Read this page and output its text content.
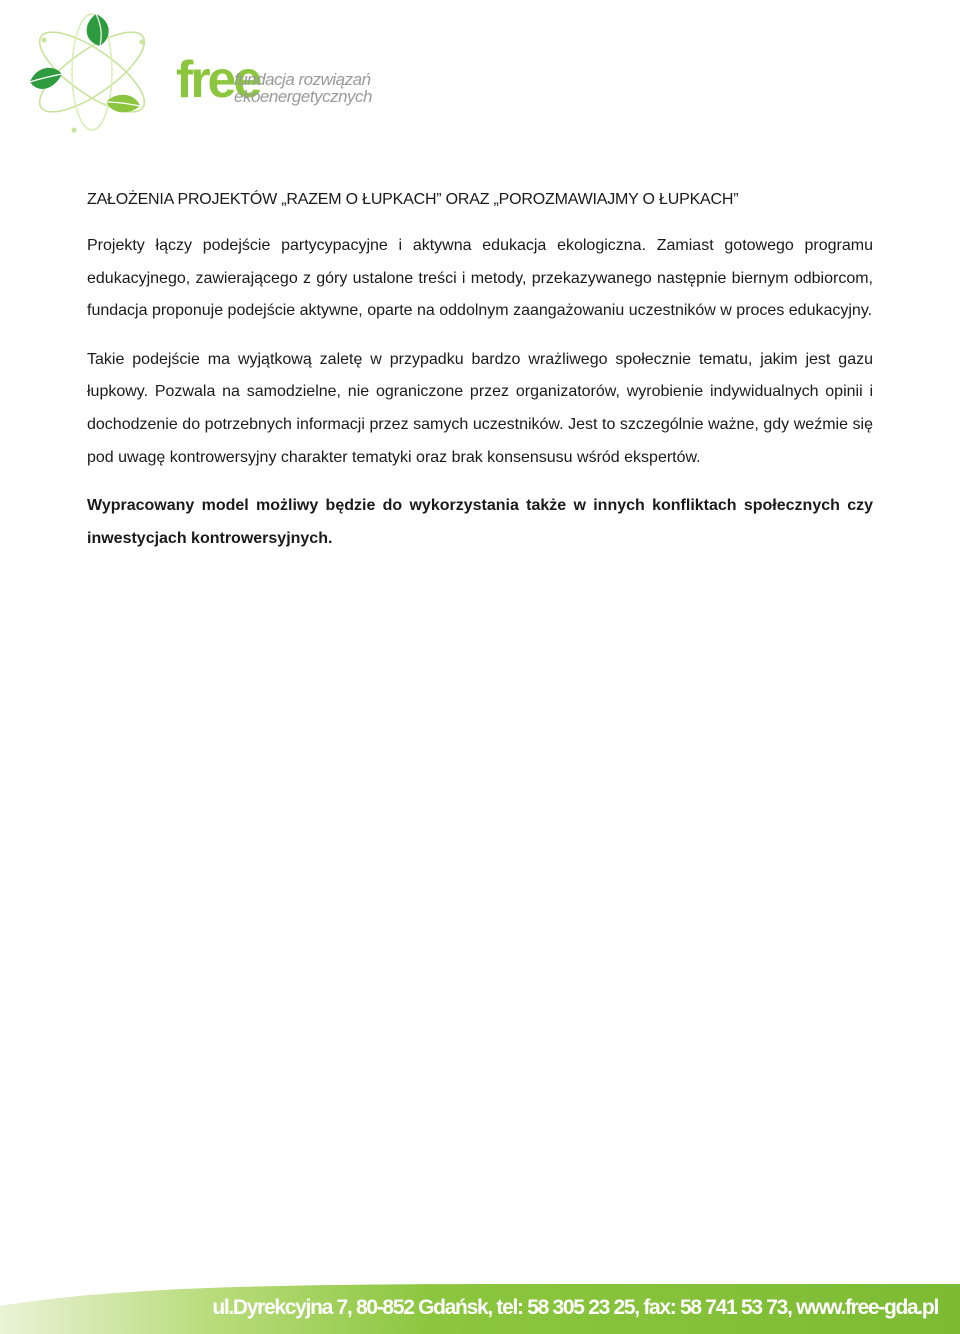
free
fundacja rozwiązań
ekoenergetycznych
ZAŁOŻENIA PROJEKTÓW „RAZEM O ŁUPKACH” ORAZ „POROZMAWIAJMY O ŁUPKACH”

Projekty łączy podejście partycypacyjne i aktywna edukacja ekologiczna. Zamiast gotowego programu edukacyjnego, zawierającego z góry ustalone treści i metody, przekazywanego następnie biernym odbiorcom, fundacja proponuje podejście aktywne, oparte na oddolnym zaangażowaniu uczestników w proces edukacyjny.

Takie podejście ma wyjątkową zaletę w przypadku bardzo wrażliwego społecznie tematu, jakim jest gazu łupkowy. Pozwala na samodzielne, nie ograniczone przez organizatorów, wyrobienie indywidualnych opinii i dochodzenie do potrzebnych informacji przez samych uczestników. Jest to szczególnie ważne, gdy weźmie się pod uwagę kontrowersyjny charakter tematyki oraz brak konsensusu wśród ekspertów.

Wypracowany model możliwy będzie do wykorzystania także w innych konfliktach społecznych czy inwestycjach kontrowersyjnych.

ul.Dyrekcyjna 7, 80-852 Gdańsk, tel: 58 305 23 25, fax: 58 741 53 73, www.free-gda.pl
